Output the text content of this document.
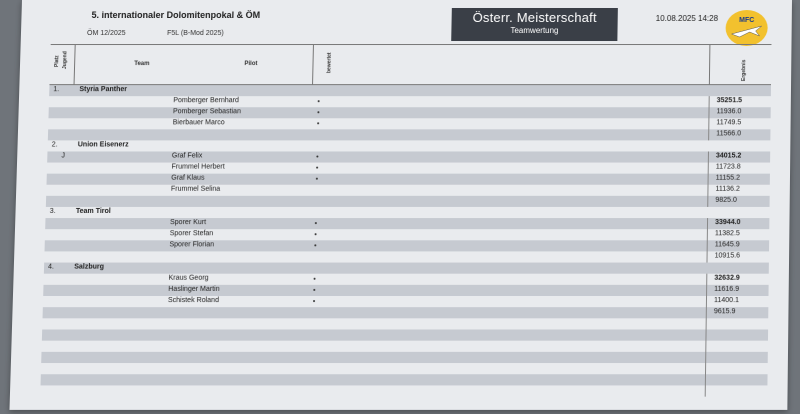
5. internationaler Dolomitenpokal & ÖM
ÖM 12/2025	F5L (B-Mod 2025)
Österr. Meisterschaft
Teamwertung
10.08.2025 14:28	MFC
Platz Jugend	Team	Pilot	bewertet	Ergebnis
1.	Styria Panther
Pomberger Bernhard	35251.5
Pomberger Sebastian	11936.0
Bierbauer Marco	11749.5
11566.0
2.	Union Eisenerz
J	Graf Felix	34015.2
Frummel Herbert	11723.8
Graf Klaus	11155.2
Frummel Selina	11136.2
9825.0
3.	Team Tirol
Sporer Kurt	33944.0
Sporer Stefan	11382.5
Sporer Florian	11645.9
10915.6
4.	Salzburg
Kraus Georg	32632.9
Haslinger Martin	11616.9
Schistek Roland	11400.1
9615.9
